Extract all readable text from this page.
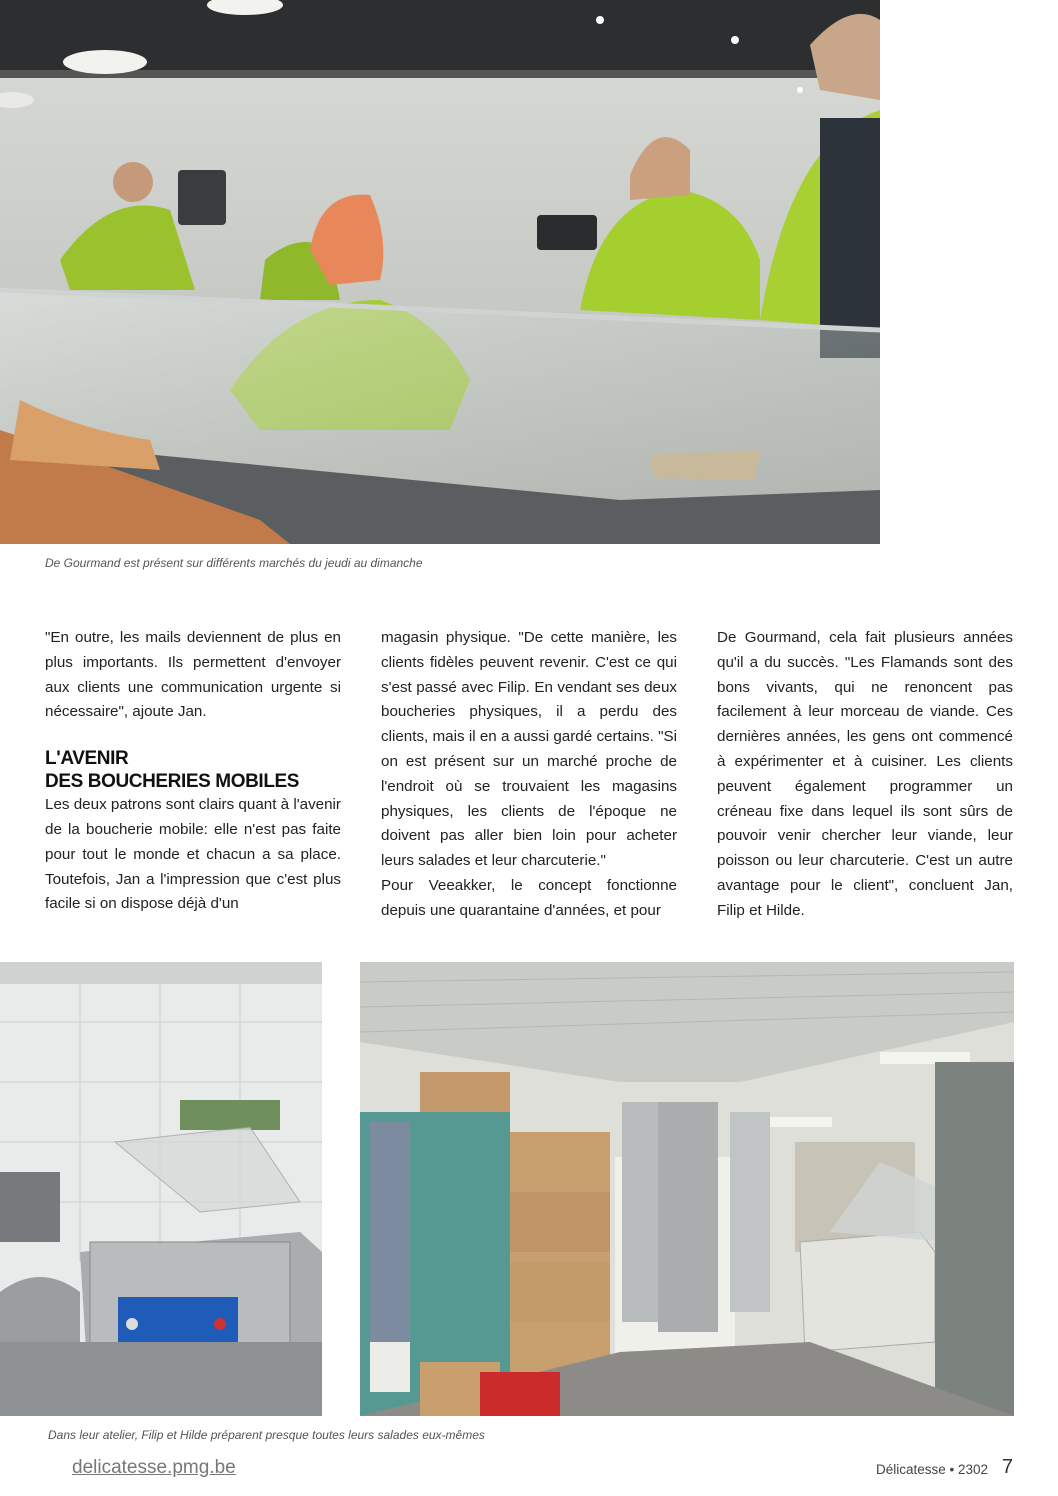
De Gourmand est présent sur différents marchés du jeudi au dimanche

"En outre, les mails deviennent de plus en plus importants. Ils permettent d'envoyer aux clients une communication urgente si nécessaire", ajoute Jan.

L'AVENIR
DES BOUCHERIES MOBILES

Les deux patrons sont clairs quant à l'avenir de la boucherie mobile: elle n'est pas faite pour tout le monde et chacun a sa place. Toutefois, Jan a l'impression que c'est plus facile si on dispose déjà d'un

magasin physique. "De cette manière, les clients fidèles peuvent revenir. C'est ce qui s'est passé avec Filip. En vendant ses deux boucheries physiques, il a perdu des clients, mais il en a aussi gardé certains. "Si on est présent sur un marché proche de l'endroit où se trouvaient les magasins physiques, les clients de l'époque ne doivent pas aller bien loin pour acheter leurs salades et leur charcuterie."

Pour Veeakker, le concept fonctionne depuis une quarantaine d'années, et pour

De Gourmand, cela fait plusieurs années qu'il a du succès. "Les Flamands sont des bons vivants, qui ne renoncent pas facilement à leur morceau de viande. Ces dernières années, les gens ont commencé à expérimenter et à cuisiner. Les clients peuvent également programmer un créneau fixe dans lequel ils sont sûrs de pouvoir venir chercher leur viande, leur poisson ou leur charcuterie. C'est un autre avantage pour le client", concluent Jan, Filip et Hilde.

Dans leur atelier, Filip et Hilde préparent presque toutes leurs salades eux-mêmes
delicatesse.pmg.be	Délicatesse • 2302 7
